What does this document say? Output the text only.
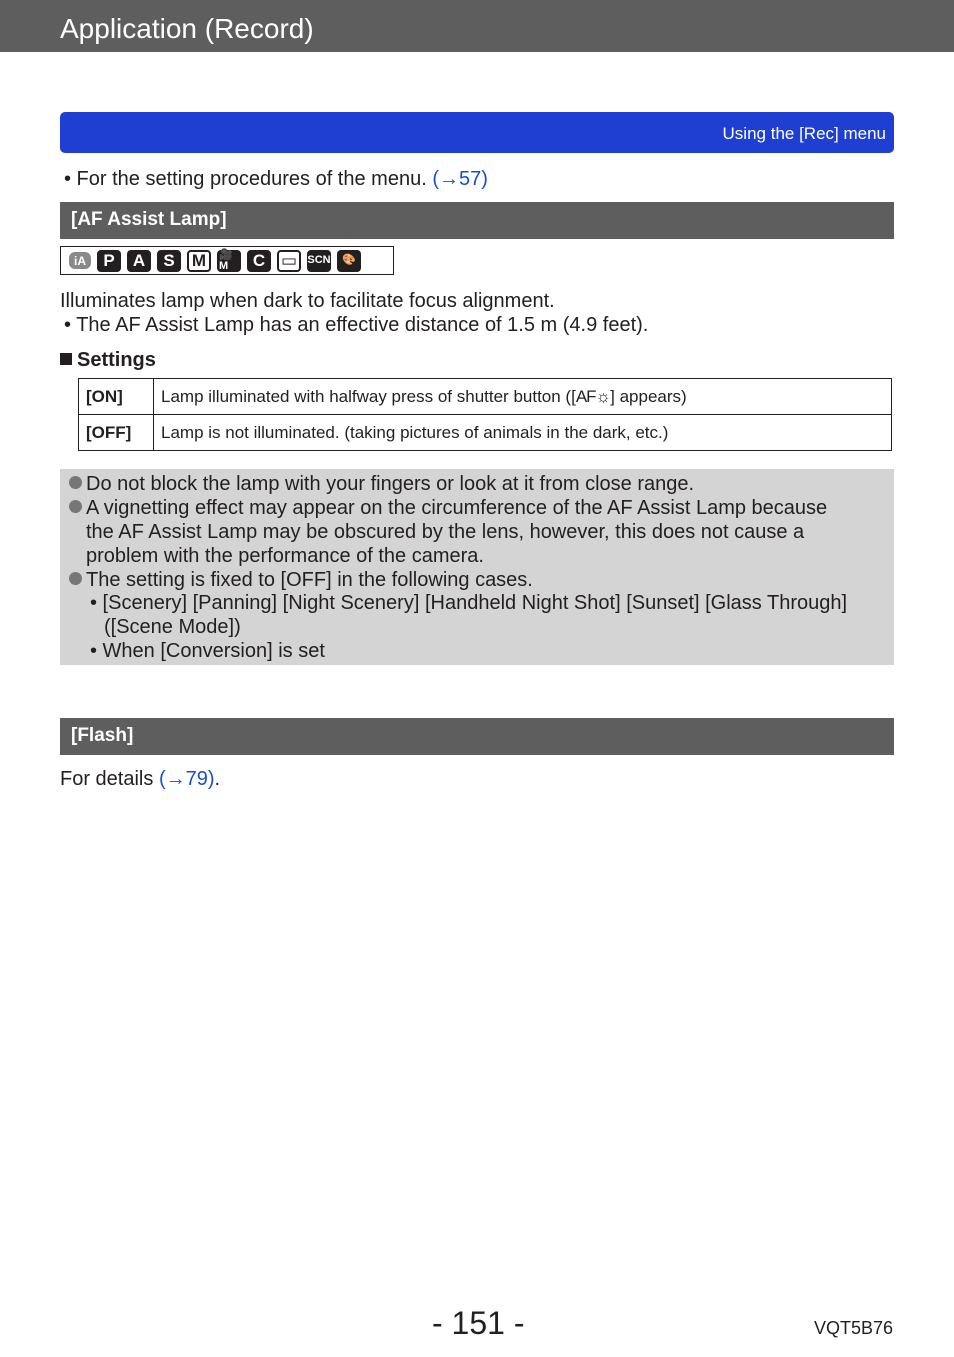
Application (Record)
Using the [Rec] menu
• For the setting procedures of the menu. (→57)
[AF Assist Lamp]
iA	P	A	S	M	🎥M	C ▭ SCN	🎨
Illuminates lamp when dark to facilitate focus alignment.
• The AF Assist Lamp has an effective distance of 1.5 m (4.9 feet).
Settings
[ON]	Lamp illuminated with halfway press of shutter button ([AF☼] appears)
[OFF]	Lamp is not illuminated. (taking pictures of animals in the dark, etc.)
Do not block the lamp with your fingers or look at it from close range.
A vignetting effect may appear on the circumference of the AF Assist Lamp because
the AF Assist Lamp may be obscured by the lens, however, this does not cause a
problem with the performance of the camera.
The setting is fixed to [OFF] in the following cases.
• [Scenery] [Panning] [Night Scenery] [Handheld Night Shot] [Sunset] [Glass Through]
([Scene Mode])
• When [Conversion] is set
[Flash]
For details (→79).
- 151 -	VQT5B76
